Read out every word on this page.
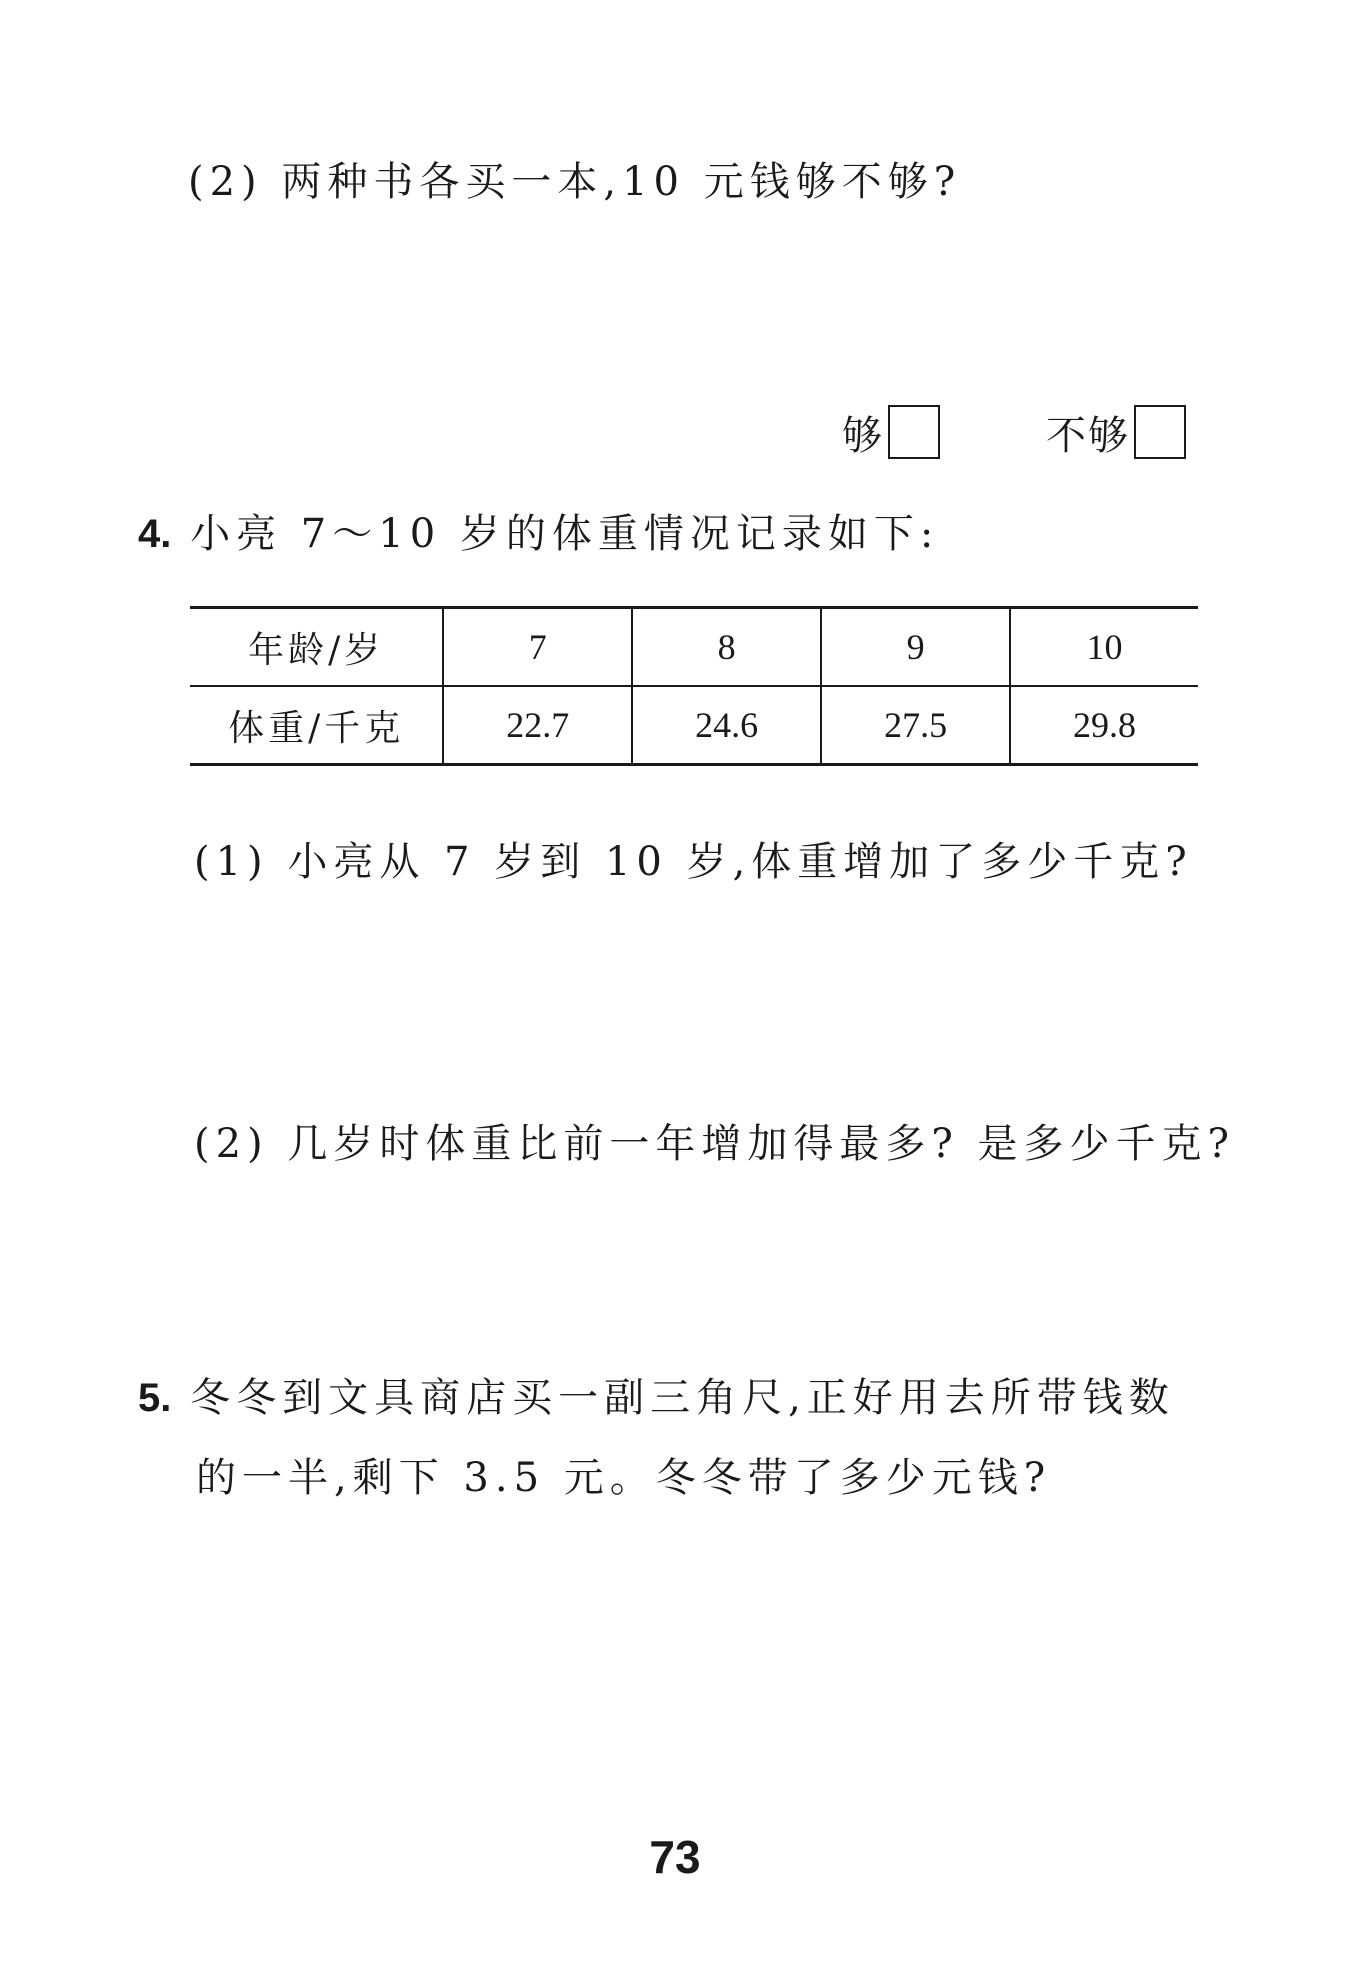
(2) 两种书各买一本,10 元钱够不够?
够	不够
4. 小亮 7～10 岁的体重情况记录如下:
年龄/岁	7	8	9	10
体重/千克	22.7	24.6	27.5	29.8
(1) 小亮从 7 岁到 10 岁,体重增加了多少千克?
(2) 几岁时体重比前一年增加得最多? 是多少千克?
5. 冬冬到文具商店买一副三角尺,正好用去所带钱数
的一半,剩下 3.5 元。冬冬带了多少元钱?
73
